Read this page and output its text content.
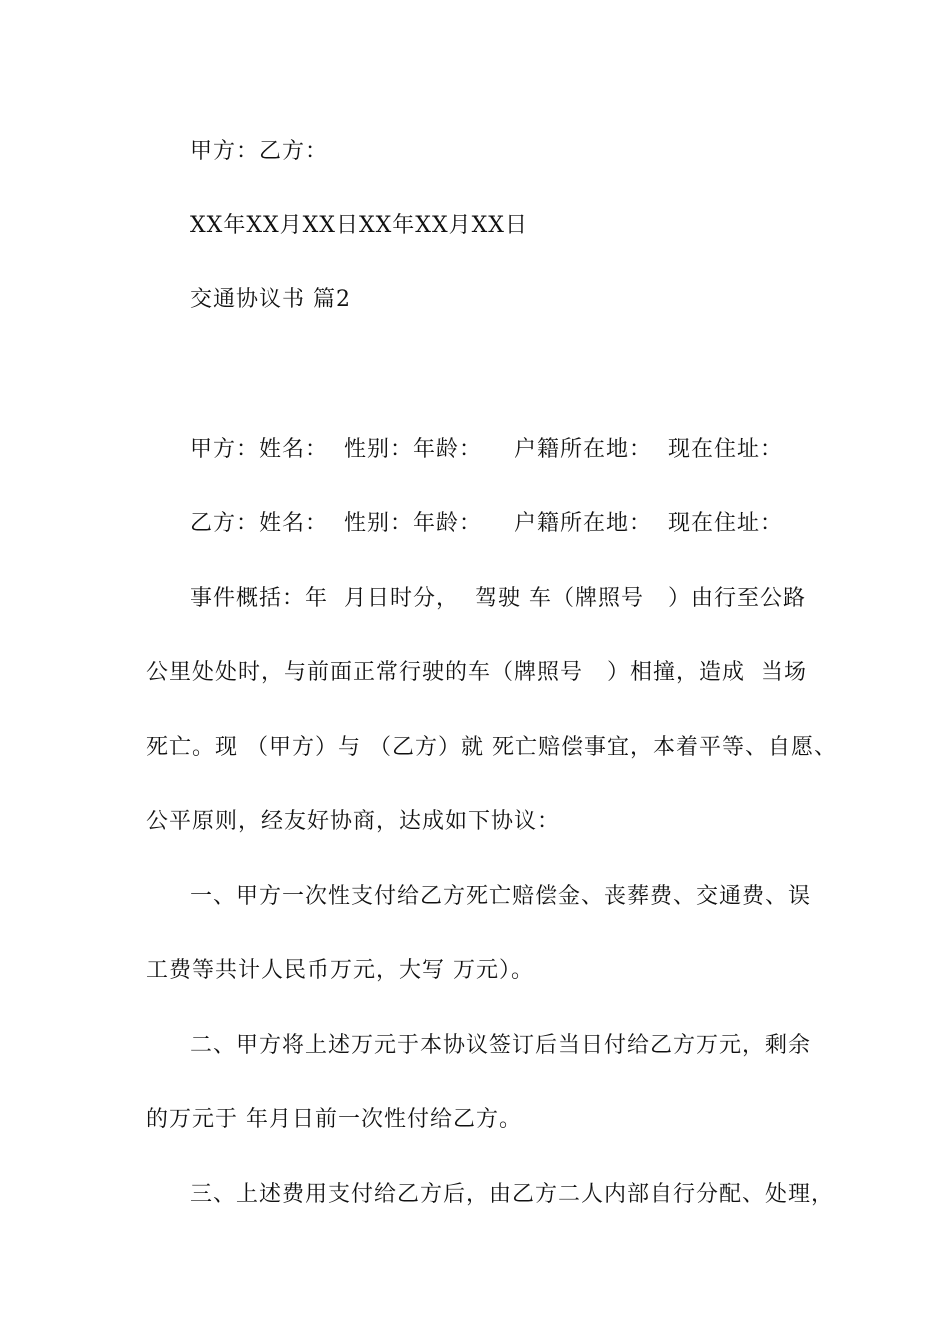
甲方：乙方：
XX年XX月XX日XX年XX月XX日
交通协议书 篇2
甲方：姓名：  性别：年龄：    户籍所在地：  现在住址：
乙方：姓名：  性别：年龄：    户籍所在地：  现在住址：
事件概括：年  月日时分，  驾驶 车（牌照号   ）由行至公路
公里处处时，与前面正常行驶的车（牌照号   ）相撞，造成  当场
死亡。现 （甲方）与 （乙方）就 死亡赔偿事宜，本着平等、自愿、
公平原则，经友好协商，达成如下协议：
一、甲方一次性支付给乙方死亡赔偿金、丧葬费、交通费、误
工费等共计人民币万元，大写 万元）。
二、甲方将上述万元于本协议签订后当日付给乙方万元，剩余
的万元于 年月日前一次性付给乙方。
三、上述费用支付给乙方后，由乙方二人内部自行分配、处理，
